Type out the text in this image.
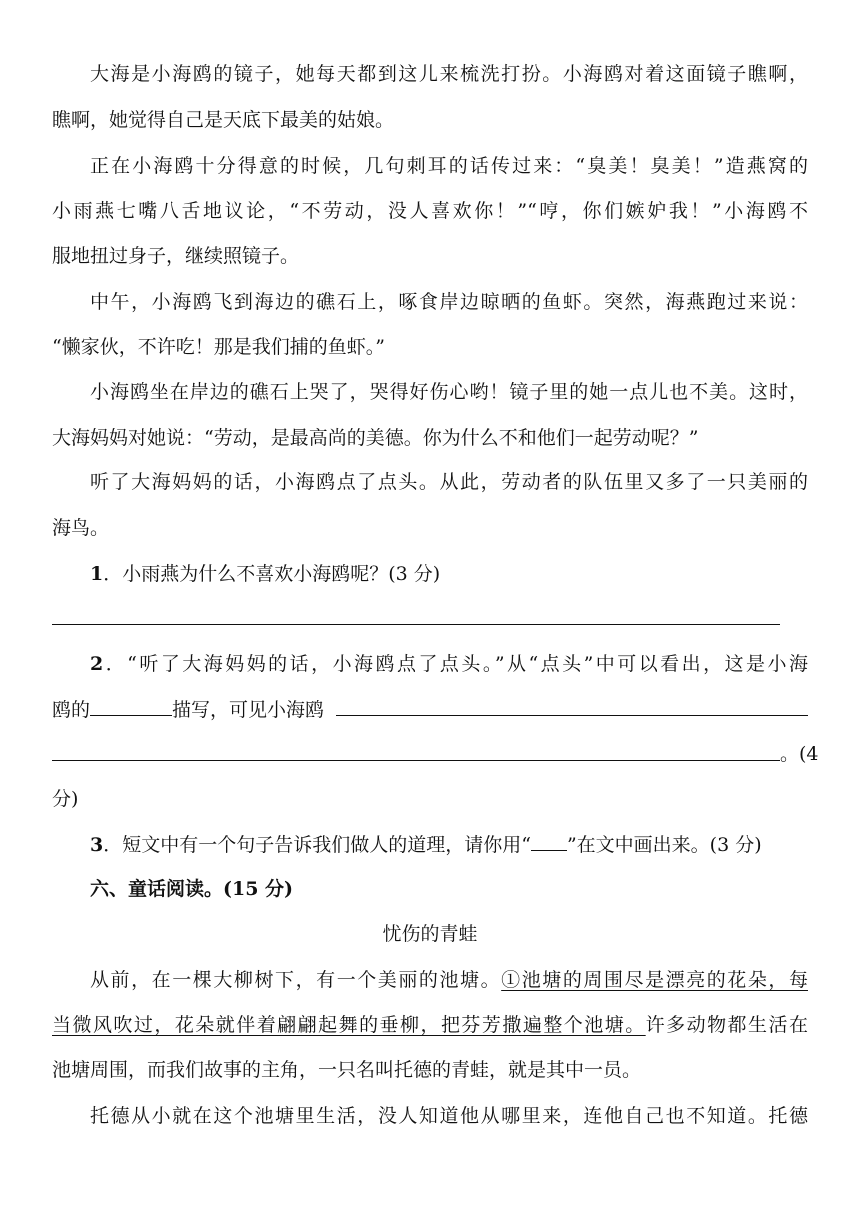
大海是小海鸥的镜子，她每天都到这儿来梳洗打扮。小海鸥对着这面镜子瞧啊，
瞧啊，她觉得自己是天底下最美的姑娘。
正在小海鸥十分得意的时候，几句刺耳的话传过来：“臭美！臭美！”造燕窝的
小雨燕七嘴八舌地议论，“不劳动，没人喜欢你！”“哼，你们嫉妒我！”小海鸥不
服地扭过身子，继续照镜子。
中午，小海鸥飞到海边的礁石上，啄食岸边晾晒的鱼虾。突然，海燕跑过来说：
“懒家伙，不许吃！那是我们捕的鱼虾。”
小海鸥坐在岸边的礁石上哭了，哭得好伤心哟！镜子里的她一点儿也不美。这时，
大海妈妈对她说：“劳动，是最高尚的美德。你为什么不和他们一起劳动呢？”
听了大海妈妈的话，小海鸥点了点头。从此，劳动者的队伍里又多了一只美丽的
海鸟。
1．小雨燕为什么不喜欢小海鸥呢？(3 分)
2．“听了大海妈妈的话，小海鸥点了点头。”从“点头”中可以看出，这是小海
鸥的	描写，可见小海鸥
。(4
分)
3．短文中有一个句子告诉我们做人的道理，请你用“ ”在文中画出来。(3 分)
六、童话阅读。(15 分)
忧伤的青蛙
从前，在一棵大柳树下，有一个美丽的池塘。①池塘的周围尽是漂亮的花朵，每
当微风吹过，花朵就伴着翩翩起舞的垂柳，把芬芳撒遍整个池塘。许多动物都生活在
池塘周围，而我们故事的主角，一只名叫托德的青蛙，就是其中一员。
托德从小就在这个池塘里生活，没人知道他从哪里来，连他自己也不知道。托德
